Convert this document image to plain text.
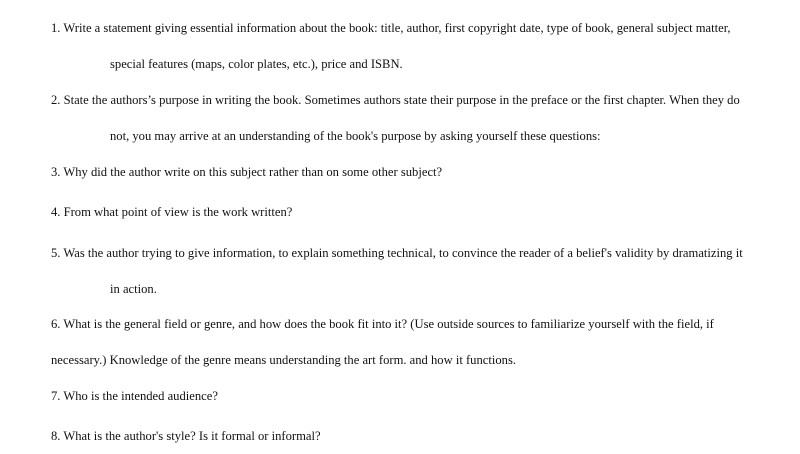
1. Write a statement giving essential information about the book: title, author, first copyright date, type of book, general subject matter,
special features (maps, color plates, etc.), price and ISBN.
2. State the authors’s purpose in writing the book. Sometimes authors state their purpose in the preface or the first chapter. When they do
not, you may arrive at an understanding of the book's purpose by asking yourself these questions:
3. Why did the author write on this subject rather than on some other subject?
4. From what point of view is the work written?
5. Was the author trying to give information, to explain something technical, to convince the reader of a belief's validity by dramatizing it
in action.
6. What is the general field or genre, and how does the book fit into it? (Use outside sources to familiarize yourself with the field, if
necessary.) Knowledge of the genre means understanding the art form. and how it functions.
7. Who is the intended audience?
8. What is the author's style? Is it formal or informal?
